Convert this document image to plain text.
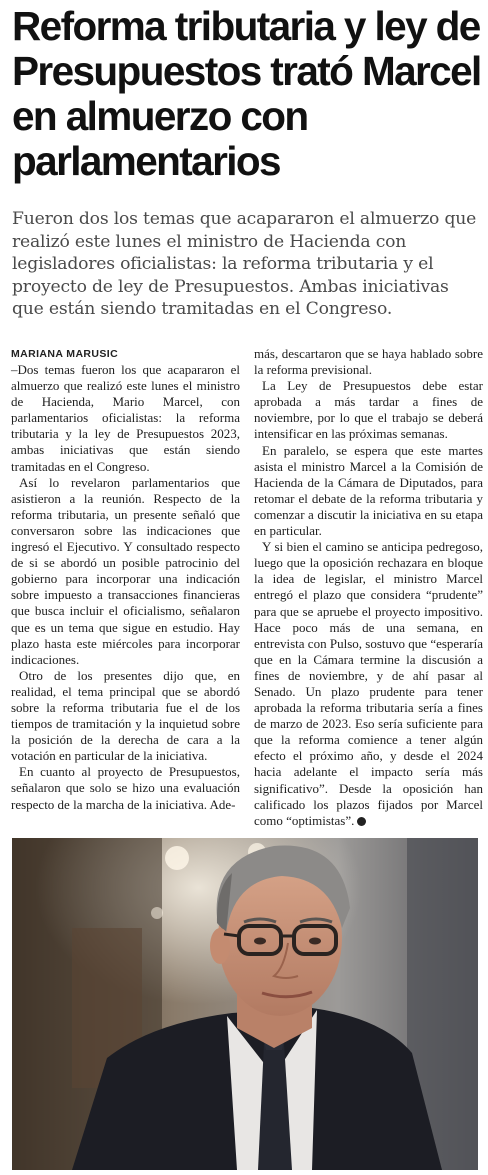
Reforma tributaria y ley de Presupuestos trató Marcel en almuerzo con parlamentarios

Fueron dos los temas que acapararon el almuerzo que realizó este lunes el ministro de Hacienda con legisladores oficialistas: la reforma tributaria y el proyecto de ley de Presupuestos. Ambas iniciativas que están siendo tramitadas en el Congreso.

MARIANA MARUSIC

–Dos temas fueron los que acapararon el almuerzo que realizó este lunes el ministro de Hacienda, Mario Marcel, con parlamentarios oficialistas: la reforma tributaria y la ley de Presupuestos 2023, ambas iniciativas que están siendo tramitadas en el Congreso.

Así lo revelaron parlamentarios que asistieron a la reunión. Respecto de la reforma tributaria, un presente señaló que conversaron sobre las indicaciones que ingresó el Ejecutivo. Y consultado respecto de si se abordó un posible patrocinio del gobierno para incorporar una indicación sobre impuesto a transacciones financieras que busca incluir el oficialismo, señalaron que es un tema que sigue en estudio. Hay plazo hasta este miércoles para incorporar indicaciones.

Otro de los presentes dijo que, en realidad, el tema principal que se abordó sobre la reforma tributaria fue el de los tiempos de tramitación y la inquietud sobre la posición de la derecha de cara a la votación en particular de la iniciativa.

En cuanto al proyecto de Presupuestos, señalaron que solo se hizo una evaluación respecto de la marcha de la iniciativa. Ade-

más, descartaron que se haya hablado sobre la reforma previsional.

La Ley de Presupuestos debe estar aprobada a más tardar a fines de noviembre, por lo que el trabajo se deberá intensificar en las próximas semanas.

En paralelo, se espera que este martes asista el ministro Marcel a la Comisión de Hacienda de la Cámara de Diputados, para retomar el debate de la reforma tributaria y comenzar a discutir la iniciativa en su etapa en particular.

Y si bien el camino se anticipa pedregoso, luego que la oposición rechazara en bloque la idea de legislar, el ministro Marcel entregó el plazo que considera “prudente” para que se apruebe el proyecto impositivo. Hace poco más de una semana, en entrevista con Pulso, sostuvo que “esperaría que en la Cámara termine la discusión a fines de noviembre, y de ahí pasar al Senado. Un plazo prudente para tener aprobada la reforma tributaria sería a fines de marzo de 2023. Eso sería suficiente para que la reforma comience a tener algún efecto el próximo año, y desde el 2024 hacia adelante el impacto sería más significativo”. Desde la oposición han calificado los plazos fijados por Marcel como “optimistas”.
